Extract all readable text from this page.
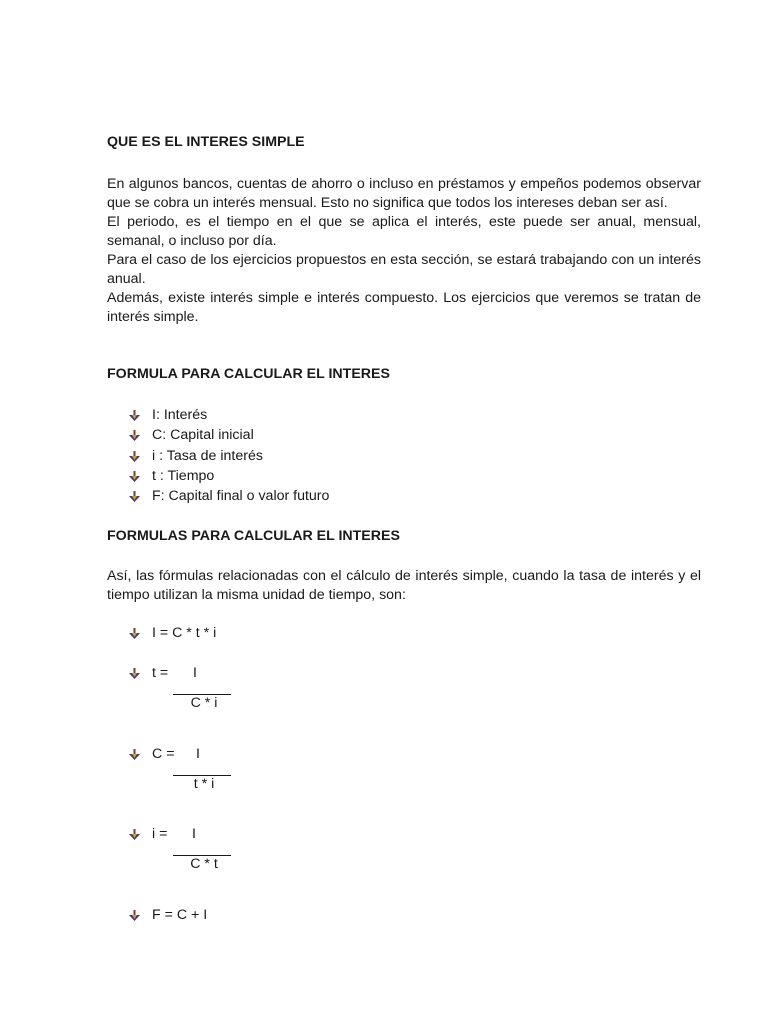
QUE ES EL INTERES SIMPLE

En algunos bancos, cuentas de ahorro o incluso en préstamos y empeños podemos observar que se cobra un interés mensual. Esto no significa que todos los intereses deban ser así.

El periodo, es el tiempo en el que se aplica el interés, este puede ser anual, mensual, semanal, o incluso por día.

Para el caso de los ejercicios propuestos en esta sección, se estará trabajando con un interés anual.

Además, existe interés simple e interés compuesto. Los ejercicios que veremos se tratan de interés simple.

FORMULA PARA CALCULAR EL INTERES
I: Interés
C: Capital inicial
i : Tasa de interés
t : Tiempo
F: Capital final o valor futuro
FORMULAS PARA CALCULAR EL INTERES

Así, las fórmulas relacionadas con el cálculo de interés simple, cuando la tasa de interés y el tiempo utilizan la misma unidad de tiempo, son:

I = C * t * i
t = I
C * i
C = I
t * i
i = I
C * t
F = C + I
